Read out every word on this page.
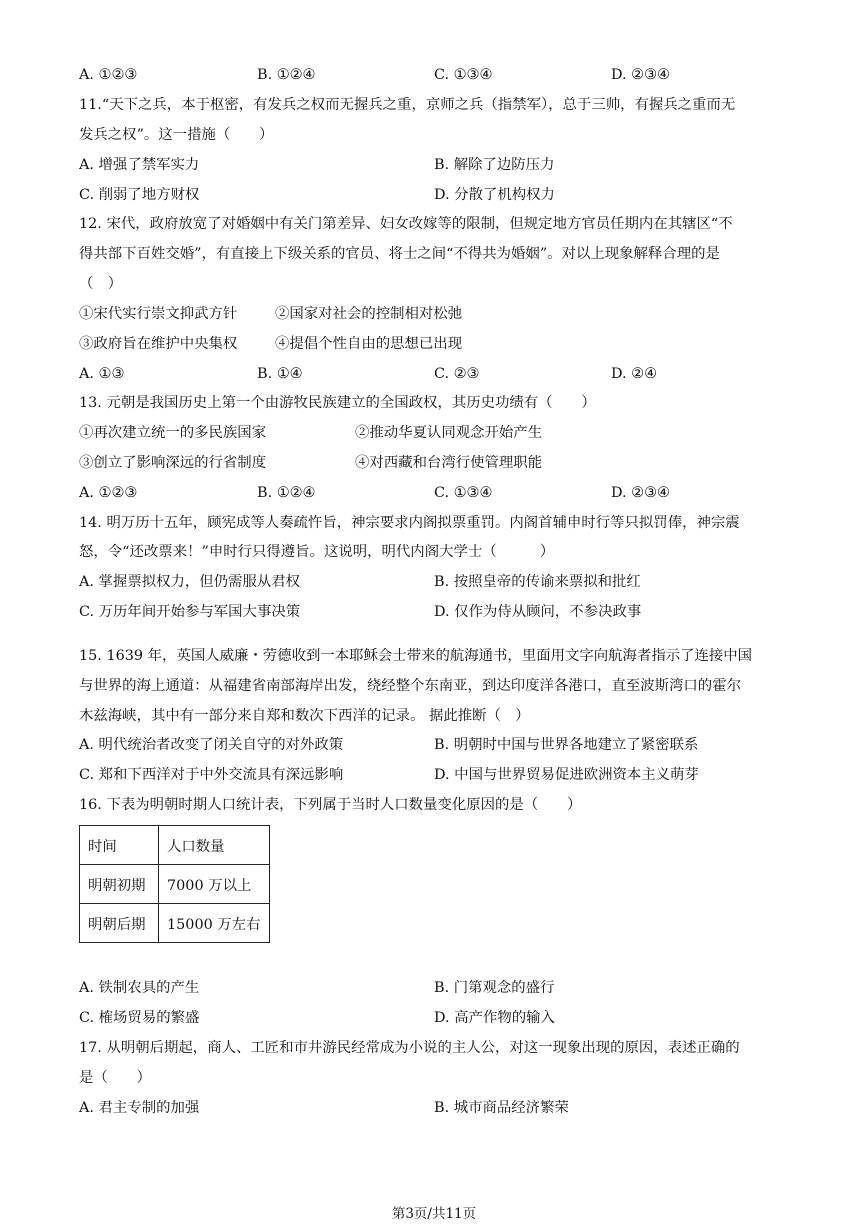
A. ①②③	B. ①②④	C. ①③④	D. ②③④
11.“天下之兵，本于枢密，有发兵之权而无握兵之重，京师之兵（指禁军），总于三帅，有握兵之重而无
发兵之权”。这一措施（　　）
A. 增强了禁军实力	B. 解除了边防压力
C. 削弱了地方财权	D. 分散了机构权力
12. 宋代，政府放宽了对婚姻中有关门第差异、妇女改嫁等的限制，但规定地方官员任期内在其辖区“不
得共部下百姓交婚”，有直接上下级关系的官员、将士之间“不得共为婚姻”。对以上现象解释合理的是
（　）
①宋代实行崇文抑武方针	②国家对社会的控制相对松弛
③政府旨在维护中央集权	④提倡个性自由的思想已出现
A. ①③	B. ①④	C. ②③	D. ②④
13. 元朝是我国历史上第一个由游牧民族建立的全国政权，其历史功绩有（　　）
①再次建立统一的多民族国家	②推动华夏认同观念开始产生
③创立了影响深远的行省制度	④对西藏和台湾行使管理职能
A. ①②③	B. ①②④	C. ①③④	D. ②③④
14. 明万历十五年，顾宪成等人奏疏忤旨，神宗要求内阁拟票重罚。内阁首辅申时行等只拟罚俸，神宗震
怒，令“还改票来！”申时行只得遵旨。这说明，明代内阁大学士（　　　）
A. 掌握票拟权力，但仍需服从君权	B. 按照皇帝的传谕来票拟和批红
C. 万历年间开始参与军国大事决策	D. 仅作为侍从顾问，不参决政事
15. 1639 年，英国人威廉・劳德收到一本耶稣会士带来的航海通书，里面用文字向航海者指示了连接中国
与世界的海上通道：从福建省南部海岸出发，绕经整个东南亚，到达印度洋各港口，直至波斯湾口的霍尔
木兹海峡，其中有一部分来自郑和数次下西洋的记录。 据此推断（　）
A. 明代统治者改变了闭关自守的对外政策	B. 明朝时中国与世界各地建立了紧密联系
C. 郑和下西洋对于中外交流具有深远影响	D. 中国与世界贸易促进欧洲资本主义萌芽
16. 下表为明朝时期人口统计表，下列属于当时人口数量变化原因的是（　　）
时间	人口数量
明朝初期	7000 万以上
明朝后期	15000 万左右
A. 铁制农具的产生	B. 门第观念的盛行
C. 榷场贸易的繁盛	D. 高产作物的输入
17. 从明朝后期起，商人、工匠和市井游民经常成为小说的主人公，对这一现象出现的原因，表述正确的
是（　　）
A. 君主专制的加强	B. 城市商品经济繁荣
第3页/共11页
